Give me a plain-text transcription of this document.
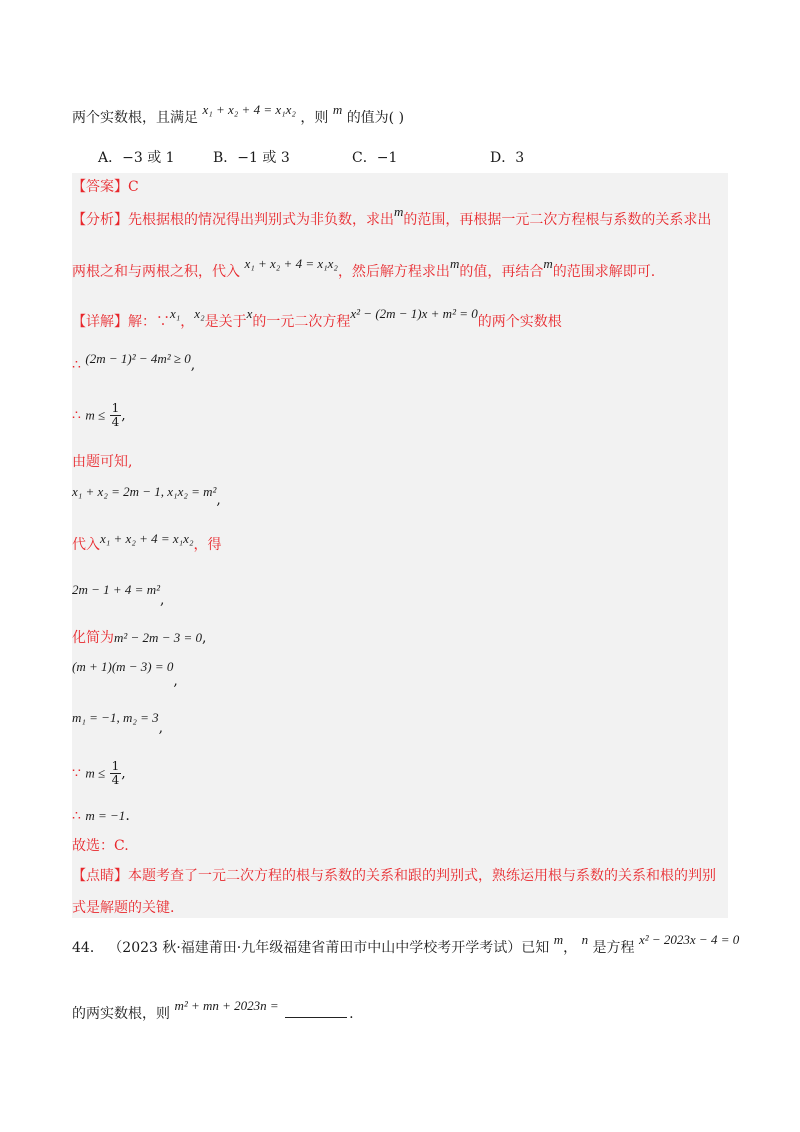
两个实数根，且满足 x₁ + x₂ + 4 = x₁x₂ ，则 m 的值为( )
A．−3 或 1	B．−1 或 3	C．−1	D．3
【答案】C
【分析】先根据根的情况得出判别式为非负数，求出m的范围，再根据一元二次方程根与系数的关系求出
两根之和与两根之积，代入 x₁ + x₂ + 4 = x₁x₂，然后解方程求出m的值，再结合m的范围求解即可.
【详解】解：∵x₁，x₂是关于x的一元二次方程x² − (2m − 1)x + m² = 0的两个实数根
∴ (2m − 1)² − 4m² ≥ 0,
∴ $m \le \frac{1}{4}$ ,
由题可知,
x₁ + x₂ = 2m − 1, x₁x₂ = m²,
代入x₁ + x₂ + 4 = x₁x₂，得
2m − 1 + 4 = m²,
化简为m² − 2m − 3 = 0,
(m + 1)(m − 3) = 0,
m₁ = −1, m₂ = 3,
∵ $m \le \frac{1}{4}$ ,
∴ m = −1.
故选：C.
【点睛】本题考查了一元二次方程的根与系数的关系和跟的判别式，熟练运用根与系数的关系和根的判别
式是解题的关键.
44． （2023 秋·福建莆田·九年级福建省莆田市中山中学校考开学考试）已知 m， n 是方程 x² − 2023x − 4 = 0
的两实数根，则 m² + mn + 2023n = .
